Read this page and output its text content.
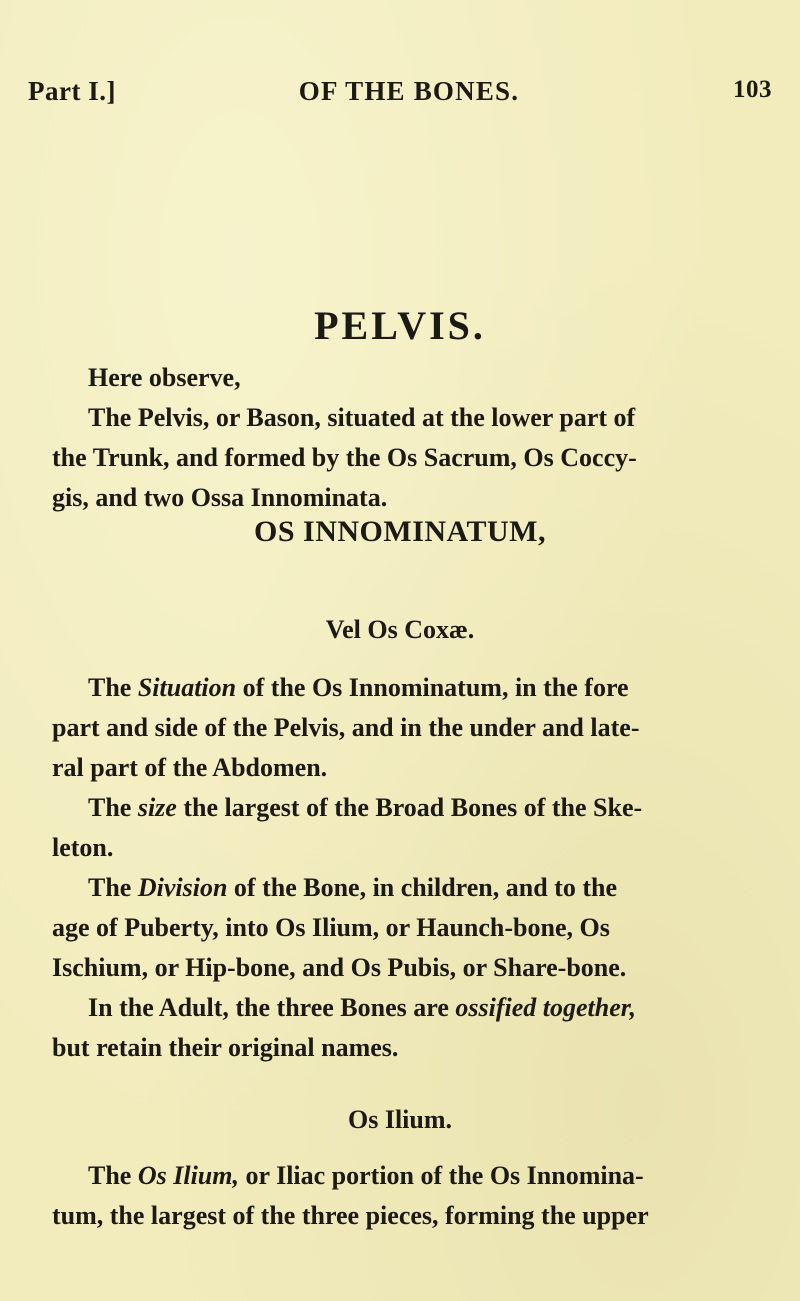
Part I.]	OF THE BONES.	103
PELVIS.
Here observe,
The Pelvis, or Bason, situated at the lower part of
the Trunk, and formed by the Os Sacrum, Os Coccy-
gis, and two Ossa Innominata.
OS INNOMINATUM,
Vel Os Coxæ.
The Situation of the Os Innominatum, in the fore
part and side of the Pelvis, and in the under and late-
ral part of the Abdomen.
The size the largest of the Broad Bones of the Ske-
leton.
The Division of the Bone, in children, and to the
age of Puberty, into Os Ilium, or Haunch-bone, Os
Ischium, or Hip-bone, and Os Pubis, or Share-bone.
In the Adult, the three Bones are ossified together,
but retain their original names.
Os Ilium.
The Os Ilium, or Iliac portion of the Os Innomina-
tum, the largest of the three pieces, forming the upper
